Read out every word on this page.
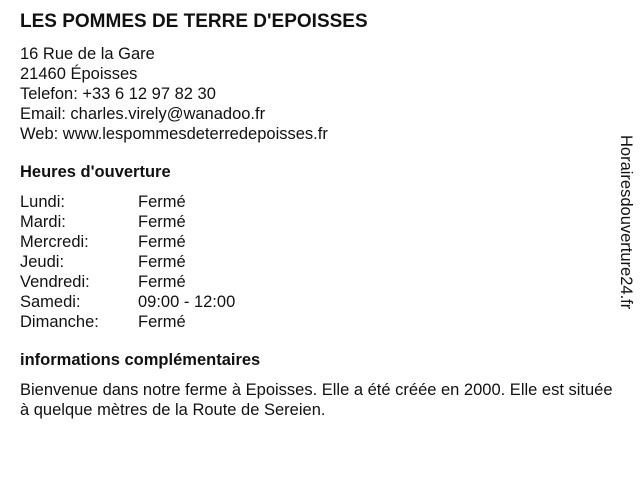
LES POMMES DE TERRE D'EPOISSES
16 Rue de la Gare
21460 Époisses
Telefon: +33 6 12 97 82 30
Email: charles.virely@wanadoo.fr
Web: www.lespommesdeterredepoisses.fr
Heures d'ouverture
Lundi:	Fermé
Mardi:	Fermé
Mercredi:	Fermé
Jeudi:	Fermé
Vendredi:	Fermé
Samedi:	09:00 - 12:00
Dimanche:	Fermé
informations complémentaires
Bienvenue dans notre ferme à Epoisses. Elle a été créée en 2000. Elle est située à quelque mètres de la Route de Sereien.
Horairesdouverture24.fr
